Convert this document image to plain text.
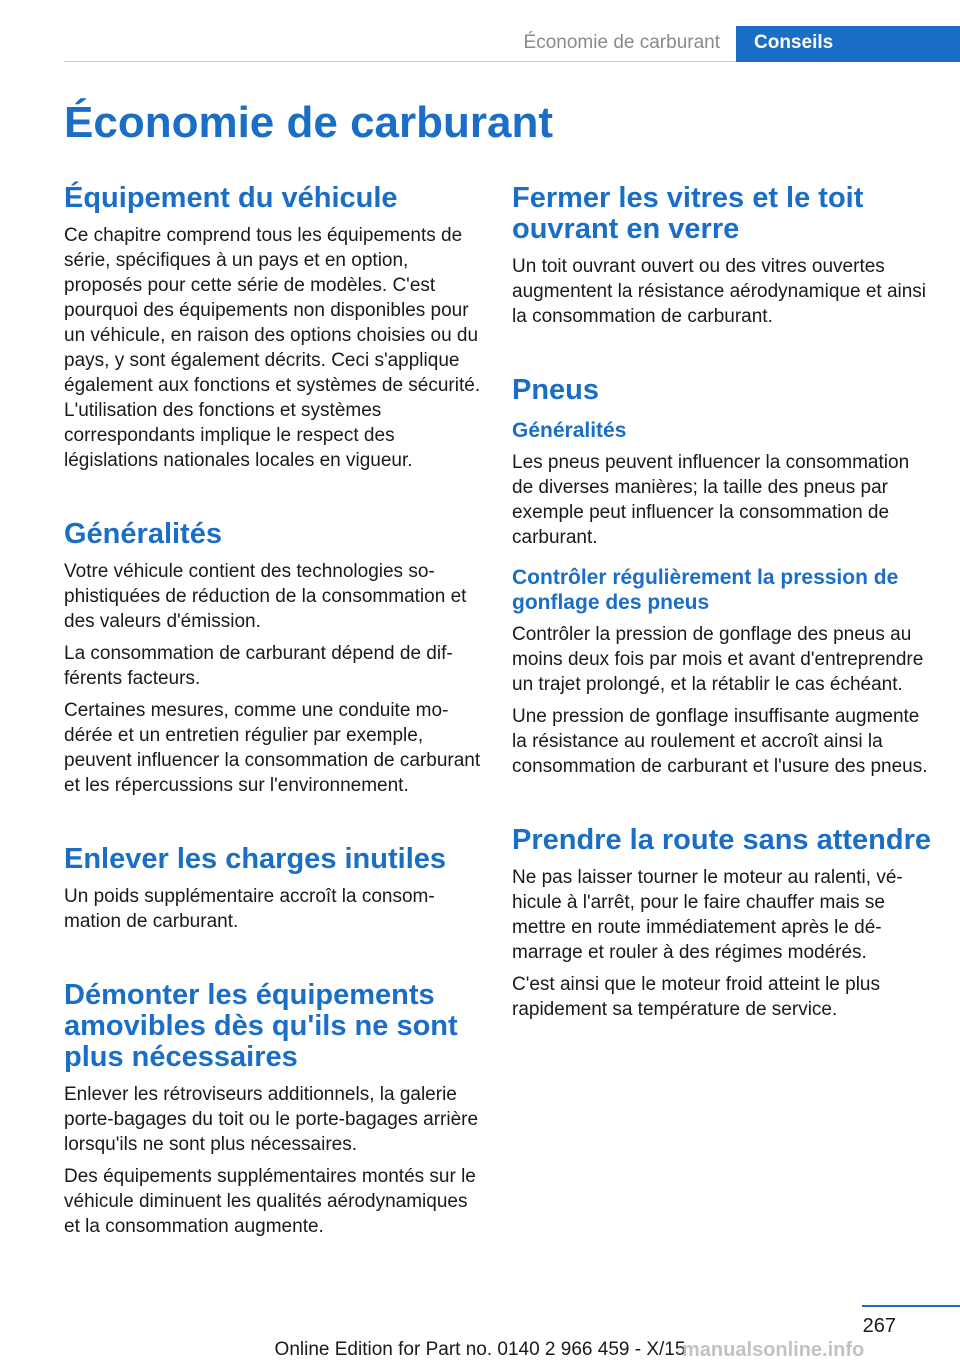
Économie de carburant	Conseils
Économie de carburant
Équipement du véhicule

Ce chapitre comprend tous les équipements de série, spécifiques à un pays et en option, proposés pour cette série de modèles. C'est pourquoi des équipements non disponibles pour un véhicule, en raison des options choisies ou du pays, y sont également décrits. Ceci s'applique également aux fonctions et systèmes de sécurité. L'utilisation des fonctions et systèmes correspondants implique le respect des législations nationales locales en vigueur.

Généralités

Votre véhicule contient des technologies sophistiquées de réduction de la consommation et des valeurs d'émission.

La consommation de carburant dépend de différents facteurs.

Certaines mesures, comme une conduite modérée et un entretien régulier par exemple, peuvent influencer la consommation de carburant et les répercussions sur l'environnement.

Enlever les charges inutiles

Un poids supplémentaire accroît la consommation de carburant.

Démonter les équipements amovibles dès qu'ils ne sont plus nécessaires

Enlever les rétroviseurs additionnels, la galerie porte-bagages du toit ou le porte-bagages arrière lorsqu'ils ne sont plus nécessaires.

Des équipements supplémentaires montés sur le véhicule diminuent les qualités aérodynamiques et la consommation augmente.

Fermer les vitres et le toit ouvrant en verre

Un toit ouvrant ouvert ou des vitres ouvertes augmentent la résistance aérodynamique et ainsi la consommation de carburant.

Pneus
Généralités

Les pneus peuvent influencer la consommation de diverses manières; la taille des pneus par exemple peut influencer la consommation de carburant.

Contrôler régulièrement la pression de gonflage des pneus

Contrôler la pression de gonflage des pneus au moins deux fois par mois et avant d'entreprendre un trajet prolongé, et la rétablir le cas échéant.

Une pression de gonflage insuffisante augmente la résistance au roulement et accroît ainsi la consommation de carburant et l'usure des pneus.

Prendre la route sans attendre

Ne pas laisser tourner le moteur au ralenti, véhicule à l'arrêt, pour le faire chauffer mais se mettre en route immédiatement après le démarrage et rouler à des régimes modérés.

C'est ainsi que le moteur froid atteint le plus rapidement sa température de service.

267
Online Edition for Part no. 0140 2 966 459 - X/15
manualsonline.info
